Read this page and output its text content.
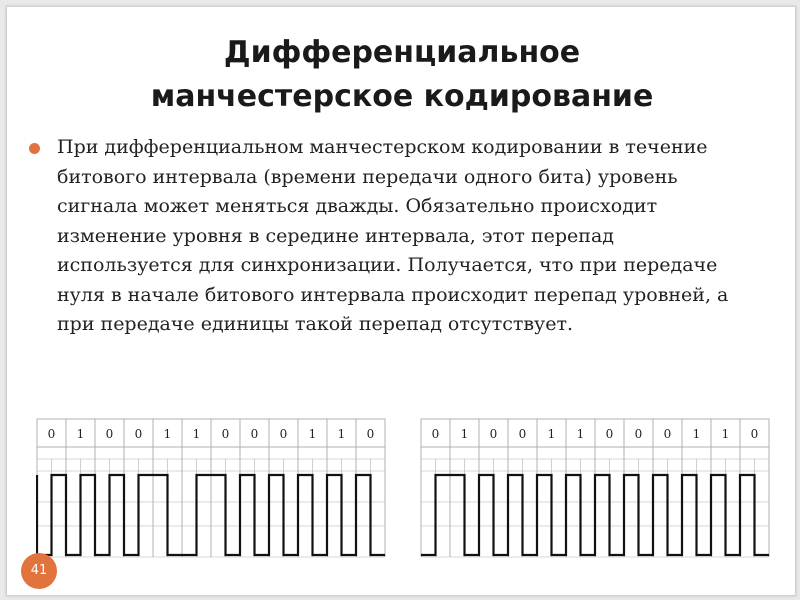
Дифференциальное
манчестерское кодирование

При дифференциальном манчестерском кодировании в течение битового интервала (времени передачи одного бита) уровень сигнала может меняться дважды. Обязательно происходит изменение уровня в середине интервала, этот перепад используется для синхронизации. Получается, что при передаче нуля в начале битового интервала происходит перепад уровней, а при передаче единицы такой перепад отсутствует.

0 1 0 0 1 1 0 0 0 1 1 0	0 1 0 0 1 1 0 0 0 1 1 0
41
